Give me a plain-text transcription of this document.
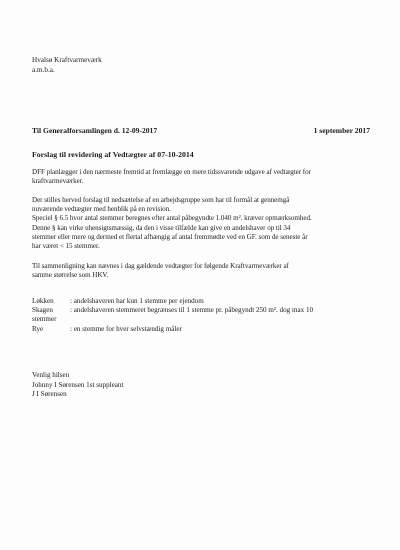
Hvalsø Kraftvarmeværk
a.m.b.a.
Til Generalforsamlingen d. 12-09-2017	1 september 2017
Forslag til revidering af Vedtægter af 07-10-2014
DFF planlægger i den nærmeste fremtid at fremlægge en mere tidssvarende udgave af vedtægter for
kraftvarmeværker.
Der stilles herved forslag til nedsættelse af en arbejdsgruppe som har til formål at gennemgå
nuværende vedtægter med henblik på en revision.
Speciel § 6.5 hvor antal stemmer beregnes efter antal påbegyndte 1.040 m². kræver opmærksomhed.
Denne § kan virke uhensigtsmæssig, da den i visse tilfælde kan give en andelshaver op til 34
stemmer eller mere og dermed et flertal afhængig af antal fremmødte ved en GF. som de seneste år
har været < 15 stemmer.
Til sammenligning kan nævnes i dag gældende vedtægter for følgende Kraftvarmeværker af
samme størrelse som HKV.
Løkken : andelshaveren har kun 1 stemme per ejendom
Skagen : andelshaveren stemmeret begrænses til 1 stemme pr. påbegyndt 250 m². dog max 10
stemmer
Rye	: en stemme for hver selvstændig måler
Venlig hilsen
Johnny I Sørensen 1st suppleant
J I Sørensen
